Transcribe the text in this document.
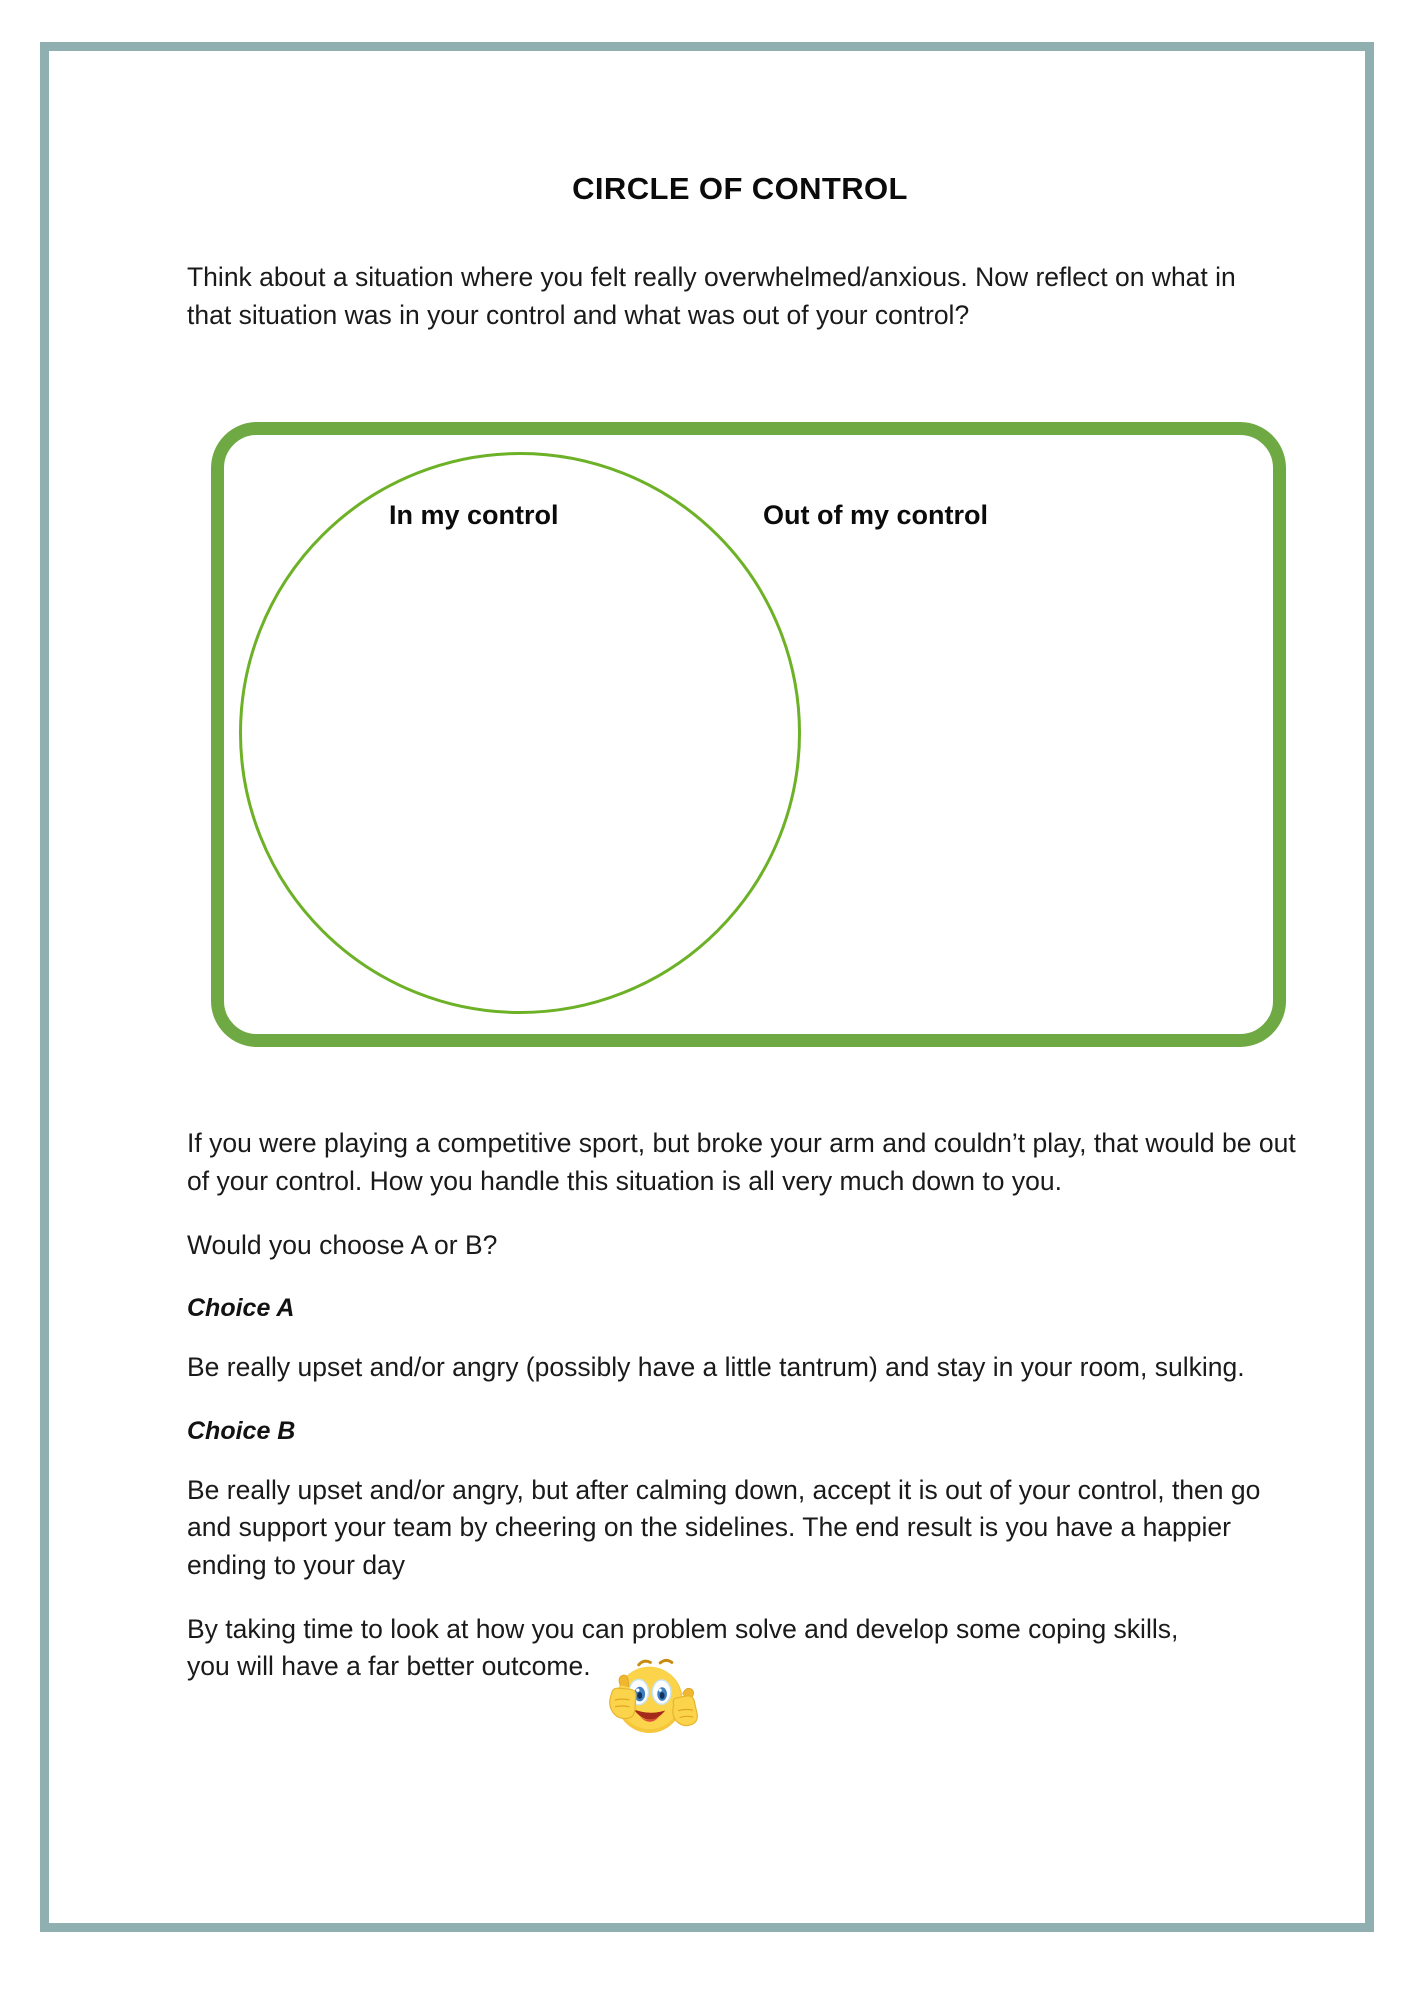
CIRCLE OF CONTROL

Think about a situation where you felt really overwhelmed/anxious. Now reflect on what in that situation was in your control and what was out of your control?

In my control	Out of my control

If you were playing a competitive sport, but broke your arm and couldn’t play, that would be out of your control. How you handle this situation is all very much down to you.

Would you choose A or B?

Choice A

Be really upset and/or angry (possibly have a little tantrum) and stay in your room, sulking.

Choice B

Be really upset and/or angry, but after calming down, accept it is out of your control, then go and support your team by cheering on the sidelines. The end result is you have a happier ending to your day

By taking time to look at how you can problem solve and develop some coping skills, you will have a far better outcome.
